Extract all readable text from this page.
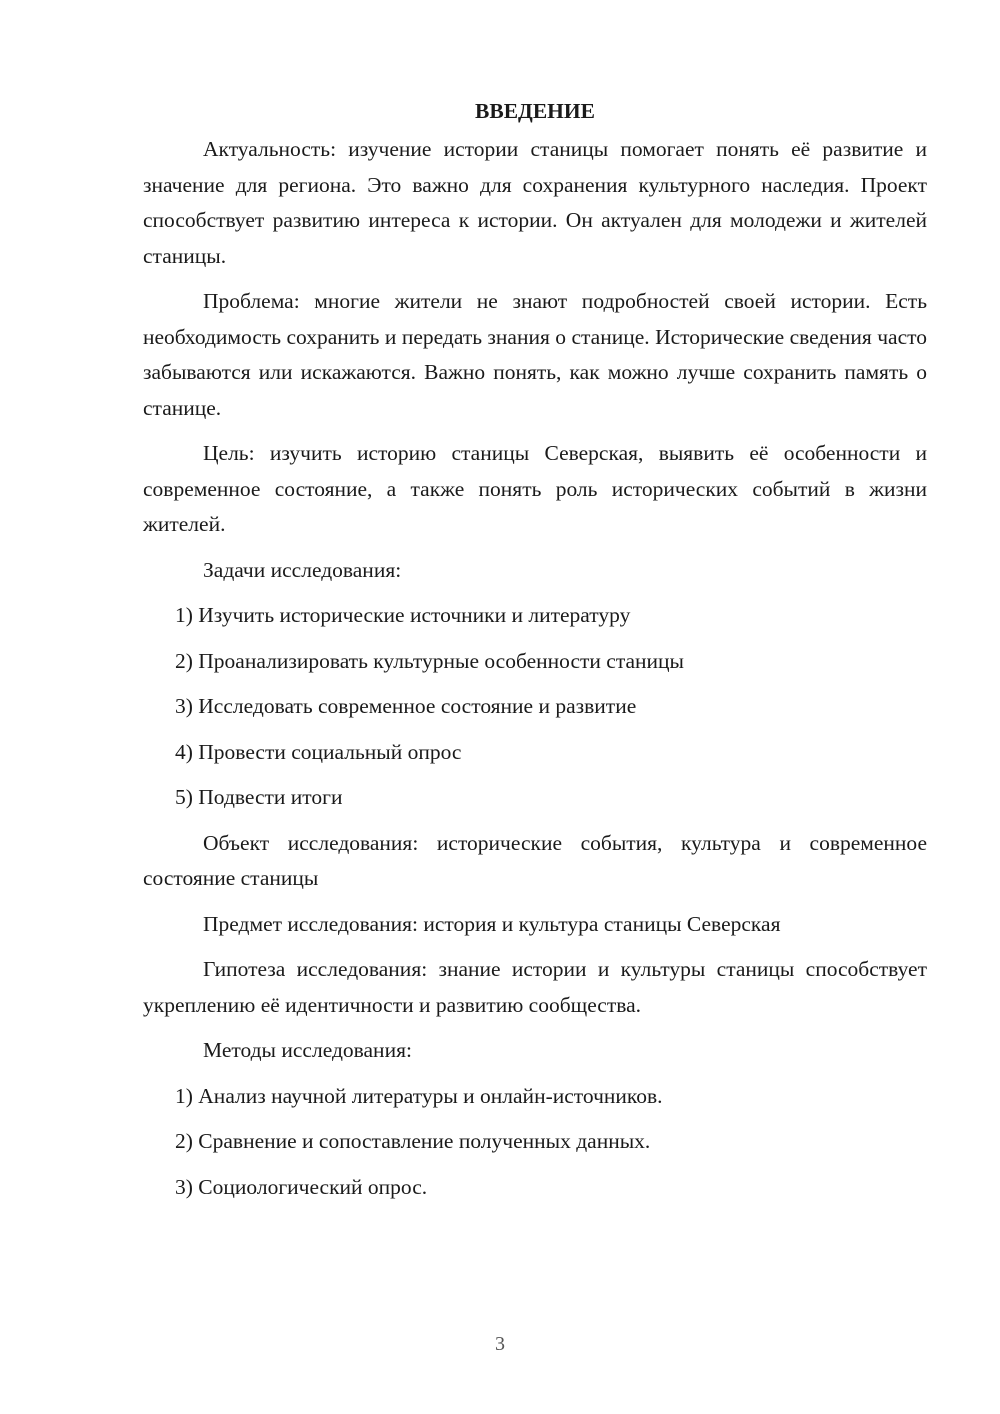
ВВЕДЕНИЕ

Актуальность: изучение истории станицы помогает понять её развитие и значение для региона. Это важно для сохранения культурного наследия. Проект способствует развитию интереса к истории. Он актуален для молодежи и жителей станицы.

Проблема: многие жители не знают подробностей своей истории. Есть необходимость сохранить и передать знания о станице. Исторические сведения часто забываются или искажаются. Важно понять, как можно лучше сохранить память о станице.

Цель: изучить историю станицы Северская, выявить её особенности и современное состояние, а также понять роль исторических событий в жизни жителей.

Задачи исследования:

1) Изучить исторические источники и литературу
2) Проанализировать культурные особенности станицы
3) Исследовать современное состояние и развитие
4) Провести социальный опрос
5) Подвести итоги

Объект исследования: исторические события, культура и современное состояние станицы

Предмет исследования: история и культура станицы Северская

Гипотеза исследования: знание истории и культуры станицы способствует укреплению её идентичности и развитию сообщества.

Методы исследования:

1) Анализ научной литературы и онлайн-источников.
2) Сравнение и сопоставление полученных данных.
3) Социологический опрос.
3
